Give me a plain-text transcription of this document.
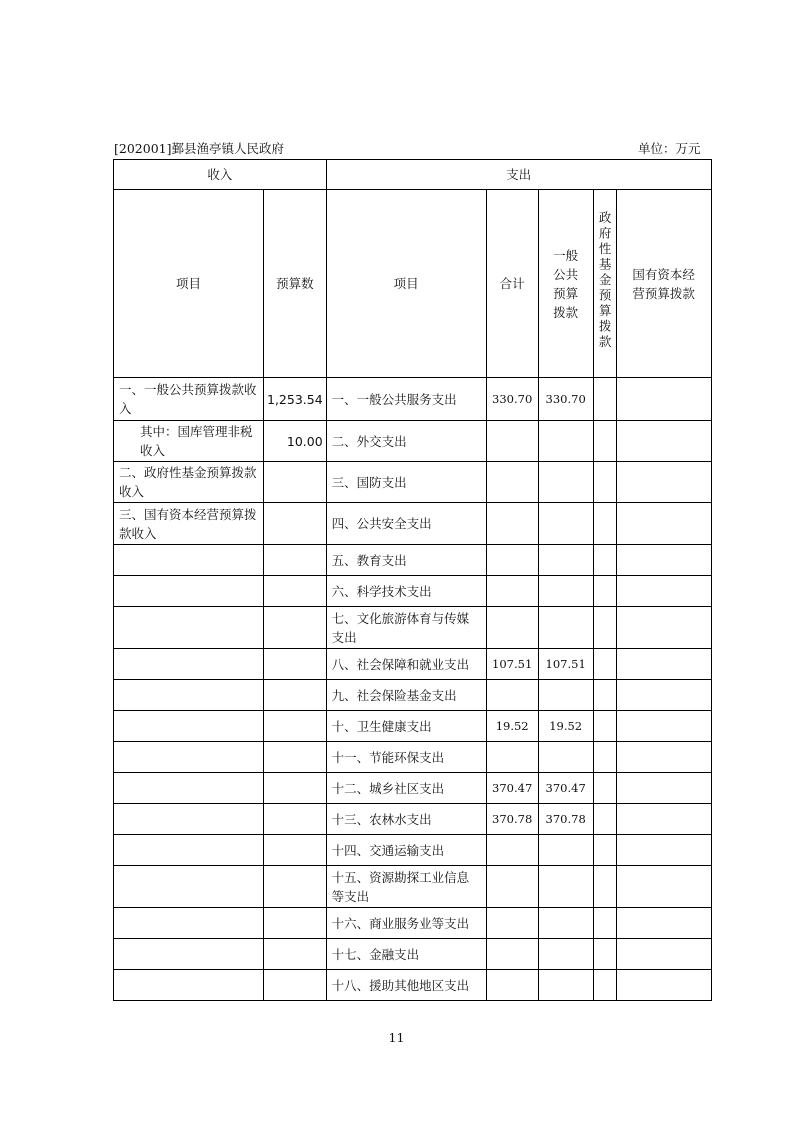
[202001]鄞县渔亭镇人民政府	单位：万元
收入		支出				
项目	预算数	项目	合计	一般公共预算拨款	政府性基金预算拨款	国有资本经营预算拨款
一、一般公共预算拨款收入	1,253.54	一、一般公共服务支出	330.70	330.70		
其中：国库管理非税收入	10.00	二、外交支出				
二、政府性基金预算拨款收入		三、国防支出				
三、国有资本经营预算拨款收入		四、公共安全支出				
		五、教育支出				
		六、科学技术支出				
		七、文化旅游体育与传媒支出				
		八、社会保障和就业支出	107.51	107.51		
		九、社会保险基金支出				
		十、卫生健康支出	19.52	19.52		
		十一、节能环保支出				
		十二、城乡社区支出	370.47	370.47		
		十三、农林水支出	370.78	370.78		
		十四、交通运输支出				
		十五、资源勘探工业信息等支出				
		十六、商业服务业等支出				
		十七、金融支出				
		十八、援助其他地区支出				
11
